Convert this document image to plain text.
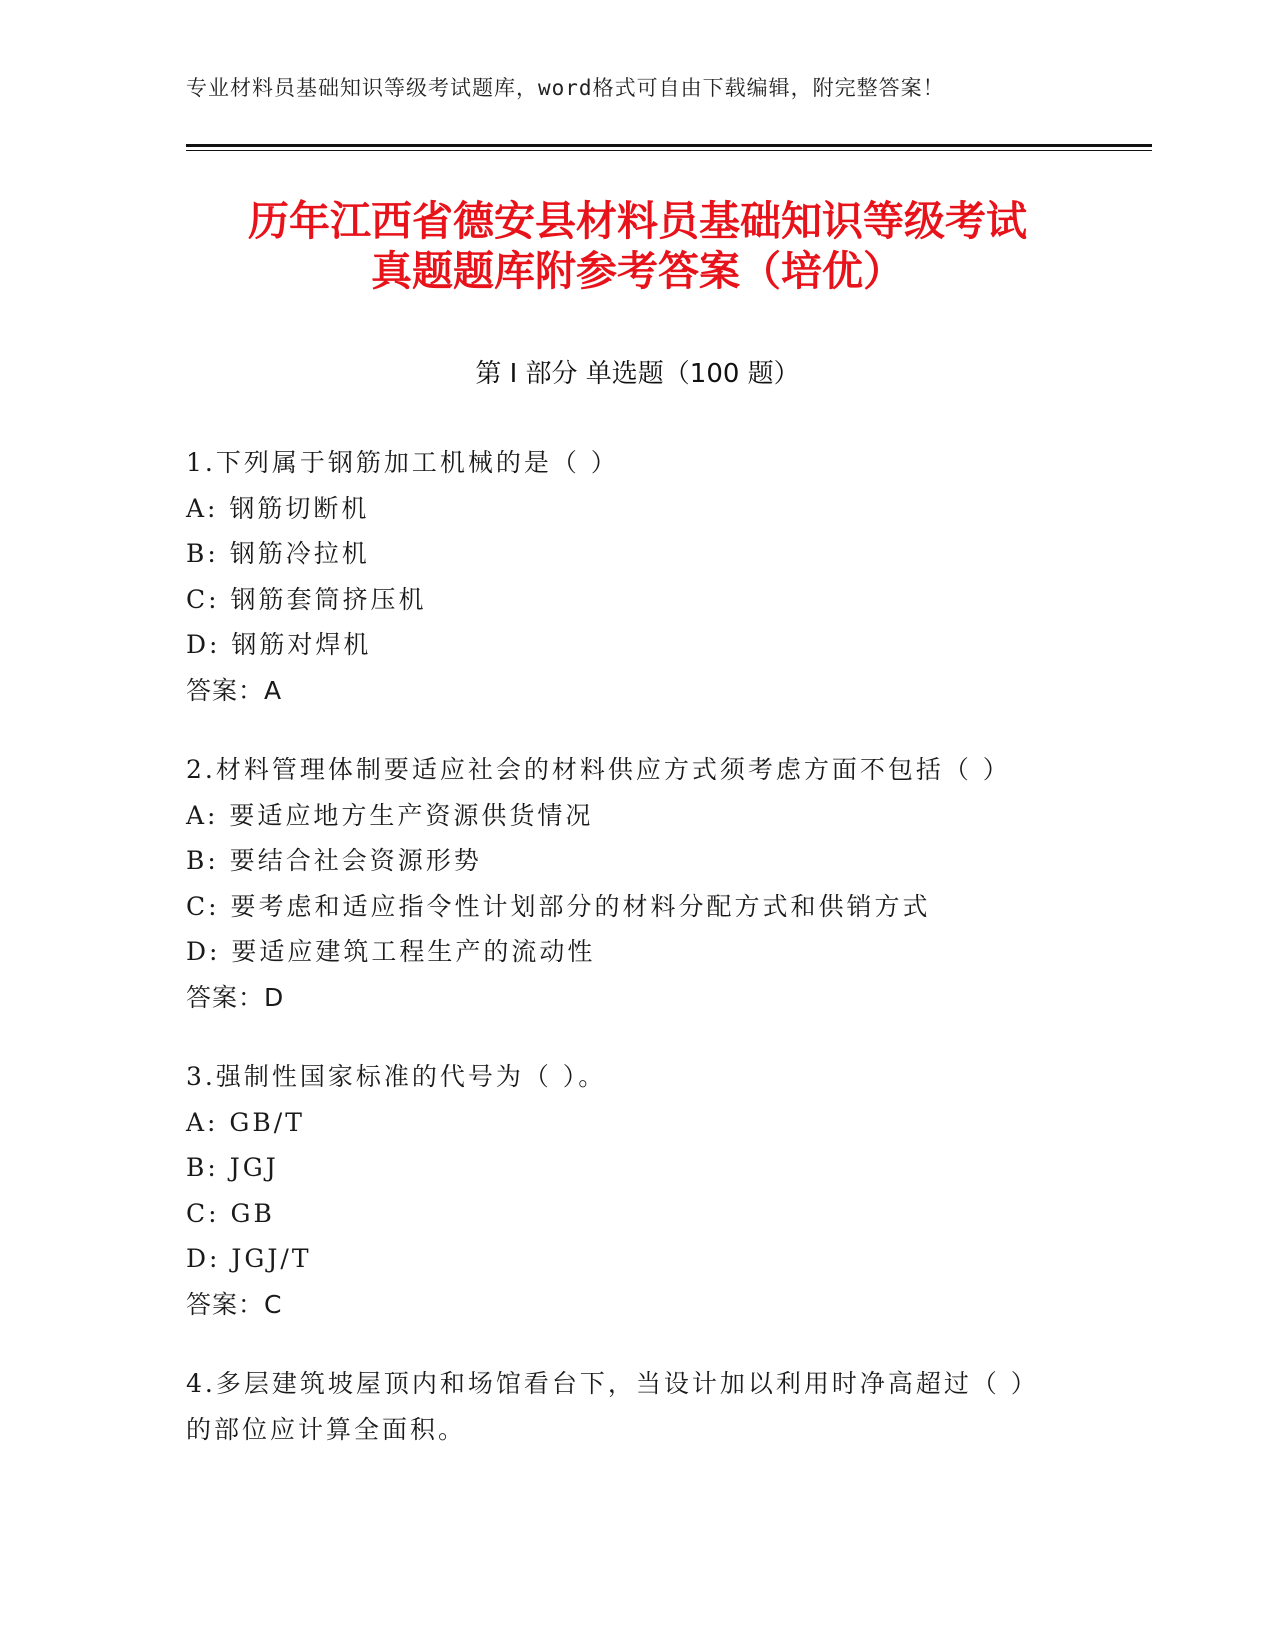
专业材料员基础知识等级考试题库，word格式可自由下载编辑，附完整答案！
历年江西省德安县材料员基础知识等级考试
真题题库附参考答案（培优）
第 I 部分 单选题（100 题）
1.下列属于钢筋加工机械的是（ ）
A: 钢筋切断机
B: 钢筋冷拉机
C: 钢筋套筒挤压机
D: 钢筋对焊机
答案：A
2.材料管理体制要适应社会的材料供应方式须考虑方面不包括（ ）
A: 要适应地方生产资源供货情况
B: 要结合社会资源形势
C: 要考虑和适应指令性计划部分的材料分配方式和供销方式
D: 要适应建筑工程生产的流动性
答案：D
3.强制性国家标准的代号为（ ）。
A: GB/T
B: JGJ
C: GB
D: JGJ/T
答案：C
4.多层建筑坡屋顶内和场馆看台下，当设计加以利用时净高超过（ ）
的部位应计算全面积。
